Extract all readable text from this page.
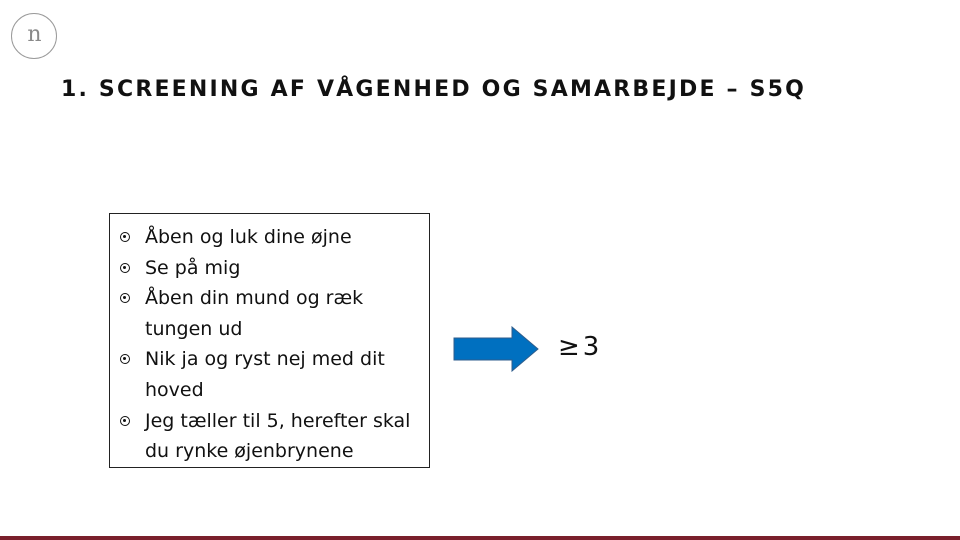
n
1. SCREENING AF VÅGENHED OG SAMARBEJDE – S5Q
Åben og luk dine øjne
Se på mig
Åben din mund og ræk tungen ud
Nik ja og ryst nej med dit hoved
Jeg tæller til 5, herefter skal du rynke øjenbrynene
≥3
